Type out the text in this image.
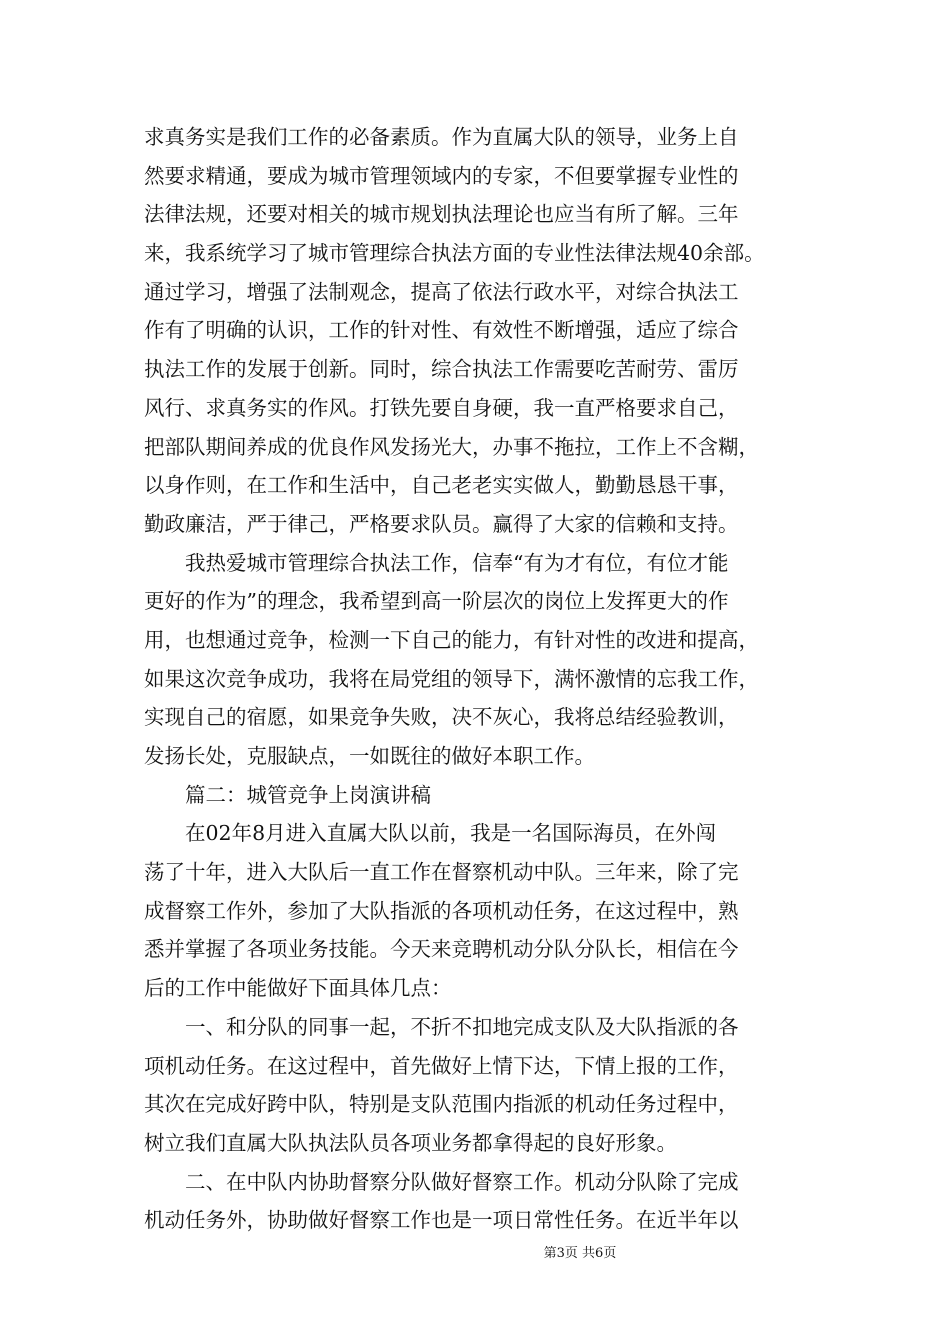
求真务实是我们工作的必备素质。作为直属大队的领导，业务上自
然要求精通，要成为城市管理领域内的专家，不但要掌握专业性的
法律法规，还要对相关的城市规划执法理论也应当有所了解。三年
来，我系统学习了城市管理综合执法方面的专业性法律法规40余部。
通过学习，增强了法制观念，提高了依法行政水平，对综合执法工
作有了明确的认识，工作的针对性、有效性不断增强，适应了综合
执法工作的发展于创新。同时，综合执法工作需要吃苦耐劳、雷厉
风行、求真务实的作风。打铁先要自身硬，我一直严格要求自己，
把部队期间养成的优良作风发扬光大，办事不拖拉，工作上不含糊，
以身作则，在工作和生活中，自己老老实实做人，勤勤恳恳干事，
勤政廉洁，严于律己，严格要求队员。赢得了大家的信赖和支持。
　　我热爱城市管理综合执法工作，信奉“有为才有位，有位才能
更好的作为”的理念，我希望到高一阶层次的岗位上发挥更大的作
用，也想通过竞争，检测一下自己的能力，有针对性的改进和提高，
如果这次竞争成功，我将在局党组的领导下，满怀激情的忘我工作，
实现自己的宿愿，如果竞争失败，决不灰心，我将总结经验教训，
发扬长处，克服缺点，一如既往的做好本职工作。
　　篇二：城管竞争上岗演讲稿
　　在02年8月进入直属大队以前，我是一名国际海员，在外闯
荡了十年，进入大队后一直工作在督察机动中队。三年来，除了完
成督察工作外，参加了大队指派的各项机动任务，在这过程中，熟
悉并掌握了各项业务技能。今天来竞聘机动分队分队长，相信在今
后的工作中能做好下面具体几点：
　　一、和分队的同事一起，不折不扣地完成支队及大队指派的各
项机动任务。在这过程中，首先做好上情下达，下情上报的工作，
其次在完成好跨中队，特别是支队范围内指派的机动任务过程中，
树立我们直属大队执法队员各项业务都拿得起的良好形象。
　　二、在中队内协助督察分队做好督察工作。机动分队除了完成
机动任务外，协助做好督察工作也是一项日常性任务。在近半年以
第3页 共6页
